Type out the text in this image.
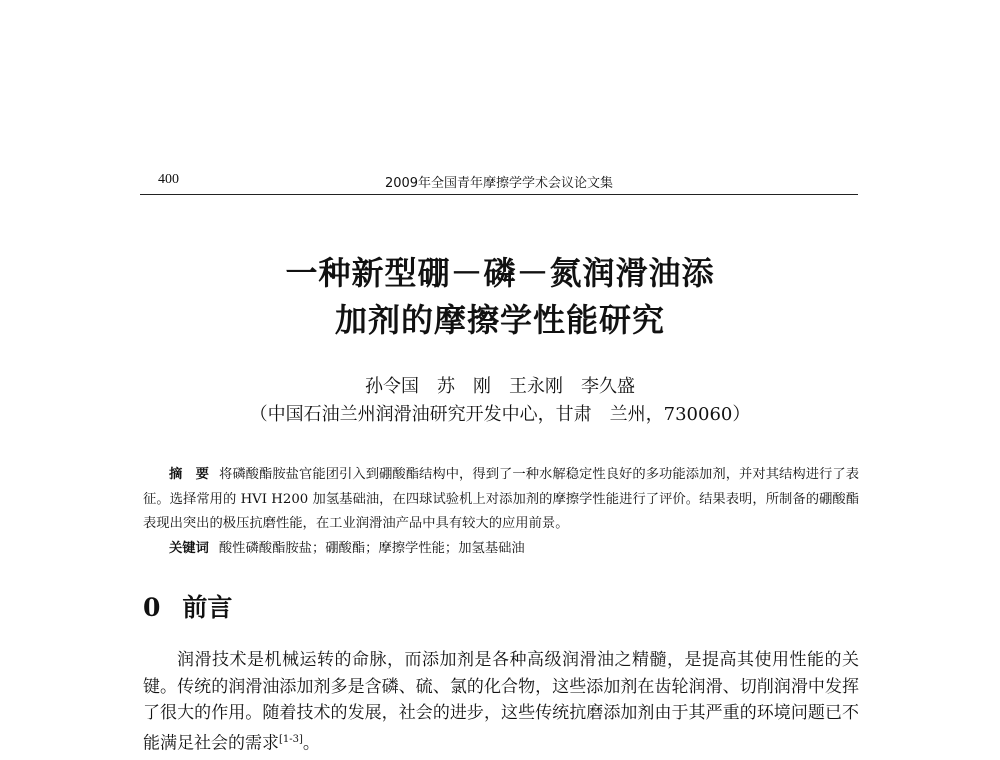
400	2009年全国青年摩擦学学术会议论文集
一种新型硼－磷－氮润滑油添
加剂的摩擦学性能研究
孙令国　苏　刚　王永刚　李久盛
（中国石油兰州润滑油研究开发中心，甘肃　兰州，730060）
摘　要 将磷酸酯胺盐官能团引入到硼酸酯结构中，得到了一种水解稳定性良好的多功能添加剂，并对其结构进行了表征。选择常用的 HVI H200 加氢基础油，在四球试验机上对添加剂的摩擦学性能进行了评价。结果表明，所制备的硼酸酯表现出突出的极压抗磨性能，在工业润滑油产品中具有较大的应用前景。
关键词 酸性磷酸酯胺盐；硼酸酯；摩擦学性能；加氢基础油
0 前言
润滑技术是机械运转的命脉，而添加剂是各种高级润滑油之精髓，是提高其使用性能的关键。传统的润滑油添加剂多是含磷、硫、氯的化合物，这些添加剂在齿轮润滑、切削润滑中发挥了很大的作用。随着技术的发展，社会的进步，这些传统抗磨添加剂由于其严重的环境问题已不能满足社会的需求[1-3]。
